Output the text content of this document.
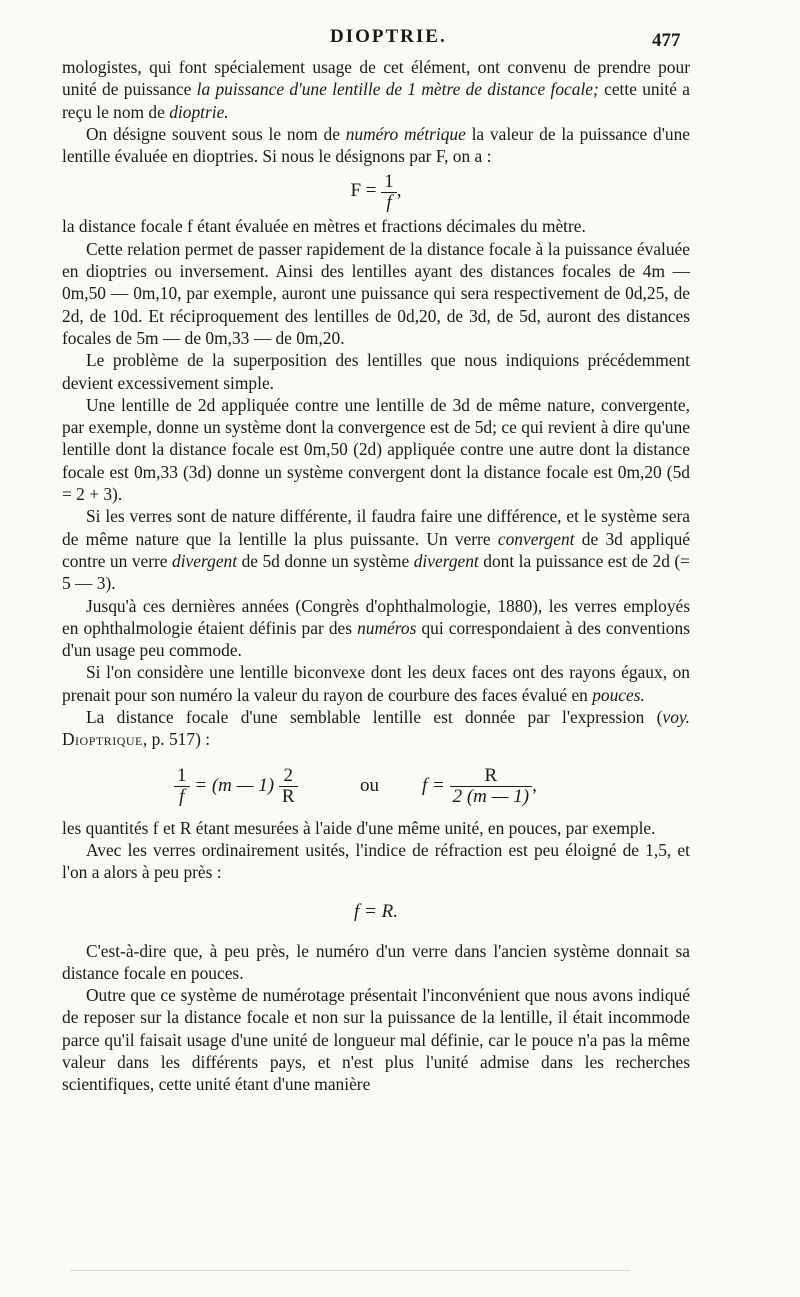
DIOPTRIE.	477

mologistes, qui font spécialement usage de cet élément, ont convenu de prendre pour unité de puissance la puissance d'une lentille de 1 mètre de distance focale; cette unité a reçu le nom de dioptrie.

On désigne souvent sous le nom de numéro métrique la valeur de la puissance d'une lentille évaluée en dioptries. Si nous le désignons par F, on a :

$F = \frac{1}{f}$ ,

la distance focale f étant évaluée en mètres et fractions décimales du mètre.

Cette relation permet de passer rapidement de la distance focale à la puissance évaluée en dioptries ou inversement. Ainsi des lentilles ayant des distances focales de 4m — 0m,50 — 0m,10, par exemple, auront une puissance qui sera respectivement de 0d,25, de 2d, de 10d. Et réciproquement des lentilles de 0d,20, de 3d, de 5d, auront des distances focales de 5m — de 0m,33 — de 0m,20.

Le problème de la superposition des lentilles que nous indiquions précédemment devient excessivement simple.

Une lentille de 2d appliquée contre une lentille de 3d de même nature, convergente, par exemple, donne un système dont la convergence est de 5d; ce qui revient à dire qu'une lentille dont la distance focale est 0m,50 (2d) appliquée contre une autre dont la distance focale est 0m,33 (3d) donne un système convergent dont la distance focale est 0m,20 (5d = 2 + 3).

Si les verres sont de nature différente, il faudra faire une différence, et le système sera de même nature que la lentille la plus puissante. Un verre convergent de 3d appliqué contre un verre divergent de 5d donne un système divergent dont la puissance est de 2d (= 5 — 3).

Jusqu'à ces dernières années (Congrès d'ophthalmologie, 1880), les verres employés en ophthalmologie étaient définis par des numéros qui correspondaient à des conventions d'un usage peu commode.

Si l'on considère une lentille biconvexe dont les deux faces ont des rayons égaux, on prenait pour son numéro la valeur du rayon de courbure des faces évalué en pouces.

La distance focale d'une semblable lentille est donnée par l'expression (voy. Dioptrique, p. 517) :

$\frac{1}{f} = (m$ — $1) \frac{2}{R}$	ou $f = \frac{R}{2 (m — 1)}$ ,

les quantités f et R étant mesurées à l'aide d'une même unité, en pouces, par exemple.

Avec les verres ordinairement usités, l'indice de réfraction est peu éloigné de 1,5, et l'on a alors à peu près :

f = R.

C'est-à-dire que, à peu près, le numéro d'un verre dans l'ancien système donnait sa distance focale en pouces.

Outre que ce système de numérotage présentait l'inconvénient que nous avons indiqué de reposer sur la distance focale et non sur la puissance de la lentille, il était incommode parce qu'il faisait usage d'une unité de longueur mal définie, car le pouce n'a pas la même valeur dans les différents pays, et n'est plus l'unité admise dans les recherches scientifiques, cette unité étant d'une manière
